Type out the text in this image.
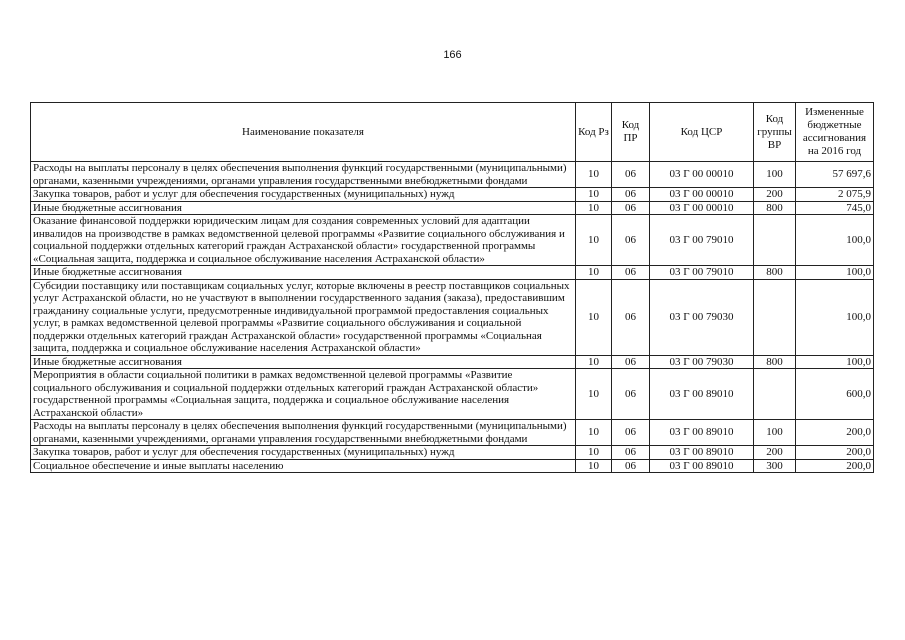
166
Наименование показателя	Код Рз	Код ПР	Код ЦСР	Код группы ВР	Измененные бюджетные ассигнования на 2016 год
Расходы на выплаты персоналу в целях обеспечения выполнения функций государственными (муниципальными) органами, казенными учреждениями, органами управления государственными внебюджетными фондами	10	06	03 Г 00 00010	100	57 697,6
Закупка товаров, работ и услуг для обеспечения государственных (муниципальных) нужд	10	06	03 Г 00 00010	200	2 075,9
Иные бюджетные ассигнования	10	06	03 Г 00 00010	800	745,0
Оказание финансовой поддержки юридическим лицам для создания современных условий для адаптации инвалидов на производстве в рамках ведомственной целевой программы «Развитие социального обслуживания и социальной поддержки отдельных категорий граждан Астраханской области» государственной программы «Социальная защита, поддержка и социальное обслуживание населения Астраханской области»	10	06	03 Г 00 79010		100,0
Иные бюджетные ассигнования	10	06	03 Г 00 79010	800	100,0
Субсидии поставщику или поставщикам социальных услуг, которые включены в реестр поставщиков социальных услуг Астраханской области, но не участвуют в выполнении государственного задания (заказа), предоставившим гражданину социальные услуги, предусмотренные индивидуальной программой предоставления социальных услуг, в рамках ведомственной целевой программы «Развитие социального обслуживания и социальной поддержки отдельных категорий граждан Астраханской области» государственной программы «Социальная защита, поддержка и социальное обслуживание населения Астраханской области»	10	06	03 Г 00 79030		100,0
Иные бюджетные ассигнования	10	06	03 Г 00 79030	800	100,0
Мероприятия в области социальной политики в рамках ведомственной целевой программы «Развитие социального обслуживания и социальной поддержки отдельных категорий граждан Астраханской области» государственной программы «Социальная защита, поддержка и социальное обслуживание населения Астраханской области»	10	06	03 Г 00 89010		600,0
Расходы на выплаты персоналу в целях обеспечения выполнения функций государственными (муниципальными) органами, казенными учреждениями, органами управления государственными внебюджетными фондами	10	06	03 Г 00 89010	100	200,0
Закупка товаров, работ и услуг для обеспечения государственных (муниципальных) нужд	10	06	03 Г 00 89010	200	200,0
Социальное обеспечение и иные выплаты населению	10	06	03 Г 00 89010	300	200,0
